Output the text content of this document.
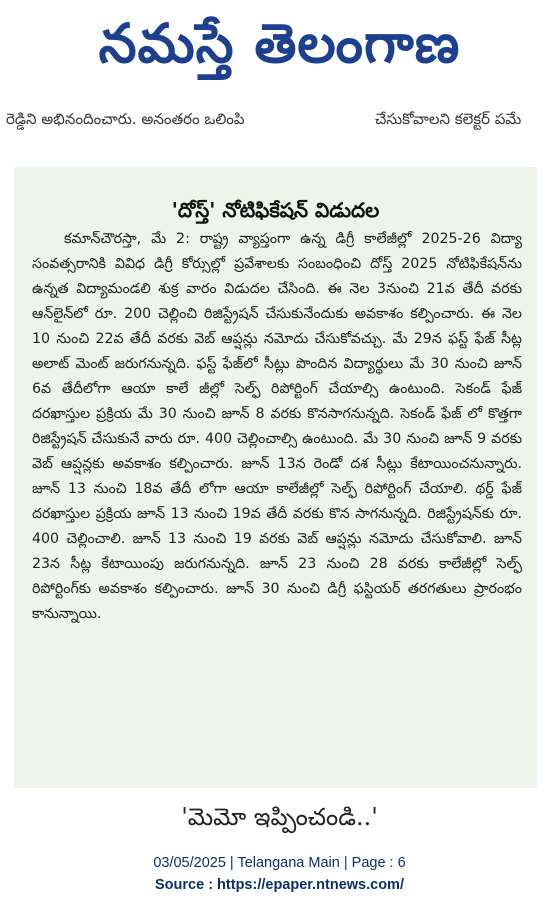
నమస్తే తెలంగాణ
రెడ్డిని అభినందించారు. అనంతరం ఒలింపి	చేసుకోవాలని కలెక్టర్ పమే
'దోస్త్' నోటిఫికేషన్ విడుదల

కమాన్‌చౌరస్తా, మే 2: రాష్ట్ర వ్యాప్తంగా ఉన్న డిగ్రీ కాలేజీల్లో 2025-26 విద్యా సంవత్సరానికి వివిధ డిగ్రీ కోర్సుల్లో ప్రవేశాలకు సంబంధించి దోస్త్ 2025 నోటిఫికేషన్‌ను ఉన్నత విద్యామండలి శుక్ర వారం విడుదల చేసింది. ఈ నెల 3నుంచి 21వ తేదీ వరకు ఆన్‌లైన్‌లో రూ. 200 చెల్లించి రిజిస్ట్రేషన్ చేసుకునేందుకు అవకాశం కల్పించారు. ఈ నెల 10 నుంచి 22వ తేదీ వరకు వెబ్ ఆప్షన్లు నమోదు చేసుకోవచ్చు. మే 29న ఫస్ట్ ఫేజ్ సీట్ల అలాట్ మెంట్ జరుగనున్నది. ఫస్ట్ ఫేజ్‌లో సీట్లు పొందిన విద్యార్థులు మే 30 నుంచి జూన్ 6వ తేదీలోగా ఆయా కాలే జీల్లో సెల్ఫ్ రిపోర్టింగ్ చేయాల్సి ఉంటుంది. సెకండ్ ఫేజ్ దరఖాస్తుల ప్రక్రియ మే 30 నుంచి జూన్ 8 వరకు కొనసాగనున్నది. సెకండ్ ఫేజ్ లో కొత్తగా రిజిస్ట్రేషన్ చేసుకునే వారు రూ. 400 చెల్లించాల్సి ఉంటుంది. మే 30 నుంచి జూన్ 9 వరకు వెబ్ ఆప్షన్లకు అవకాశం కల్పించారు. జూన్ 13న రెండో దశ సీట్లు కేటాయించనున్నారు. జూన్ 13 నుంచి 18వ తేదీ లోగా ఆయా కాలేజీల్లో సెల్ఫ్ రిపోర్టింగ్ చేయాలి. థర్డ్ ఫేజ్ దరఖాస్తుల ప్రక్రియ జూన్ 13 నుంచి 19వ తేదీ వరకు కొన సాగనున్నది. రిజిస్ట్రేషన్‌కు రూ. 400 చెల్లించాలి. జూన్ 13 నుంచి 19 వరకు వెబ్ ఆప్షన్లు నమోదు చేసుకోవాలి. జూన్ 23న సీట్ల కేటాయింపు జరుగనున్నది. జూన్ 23 నుంచి 28 వరకు కాలేజీల్లో సెల్ఫ్ రిపోర్టింగ్‌కు అవకాశం కల్పించారు. జూన్ 30 నుంచి డిగ్రీ ఫస్టియర్ తరగతులు ప్రారంభం కానున్నాయి.

'మెమో ఇప్పించండి..'
03/05/2025 | Telangana Main | Page : 6
Source : https://epaper.ntnews.com/
